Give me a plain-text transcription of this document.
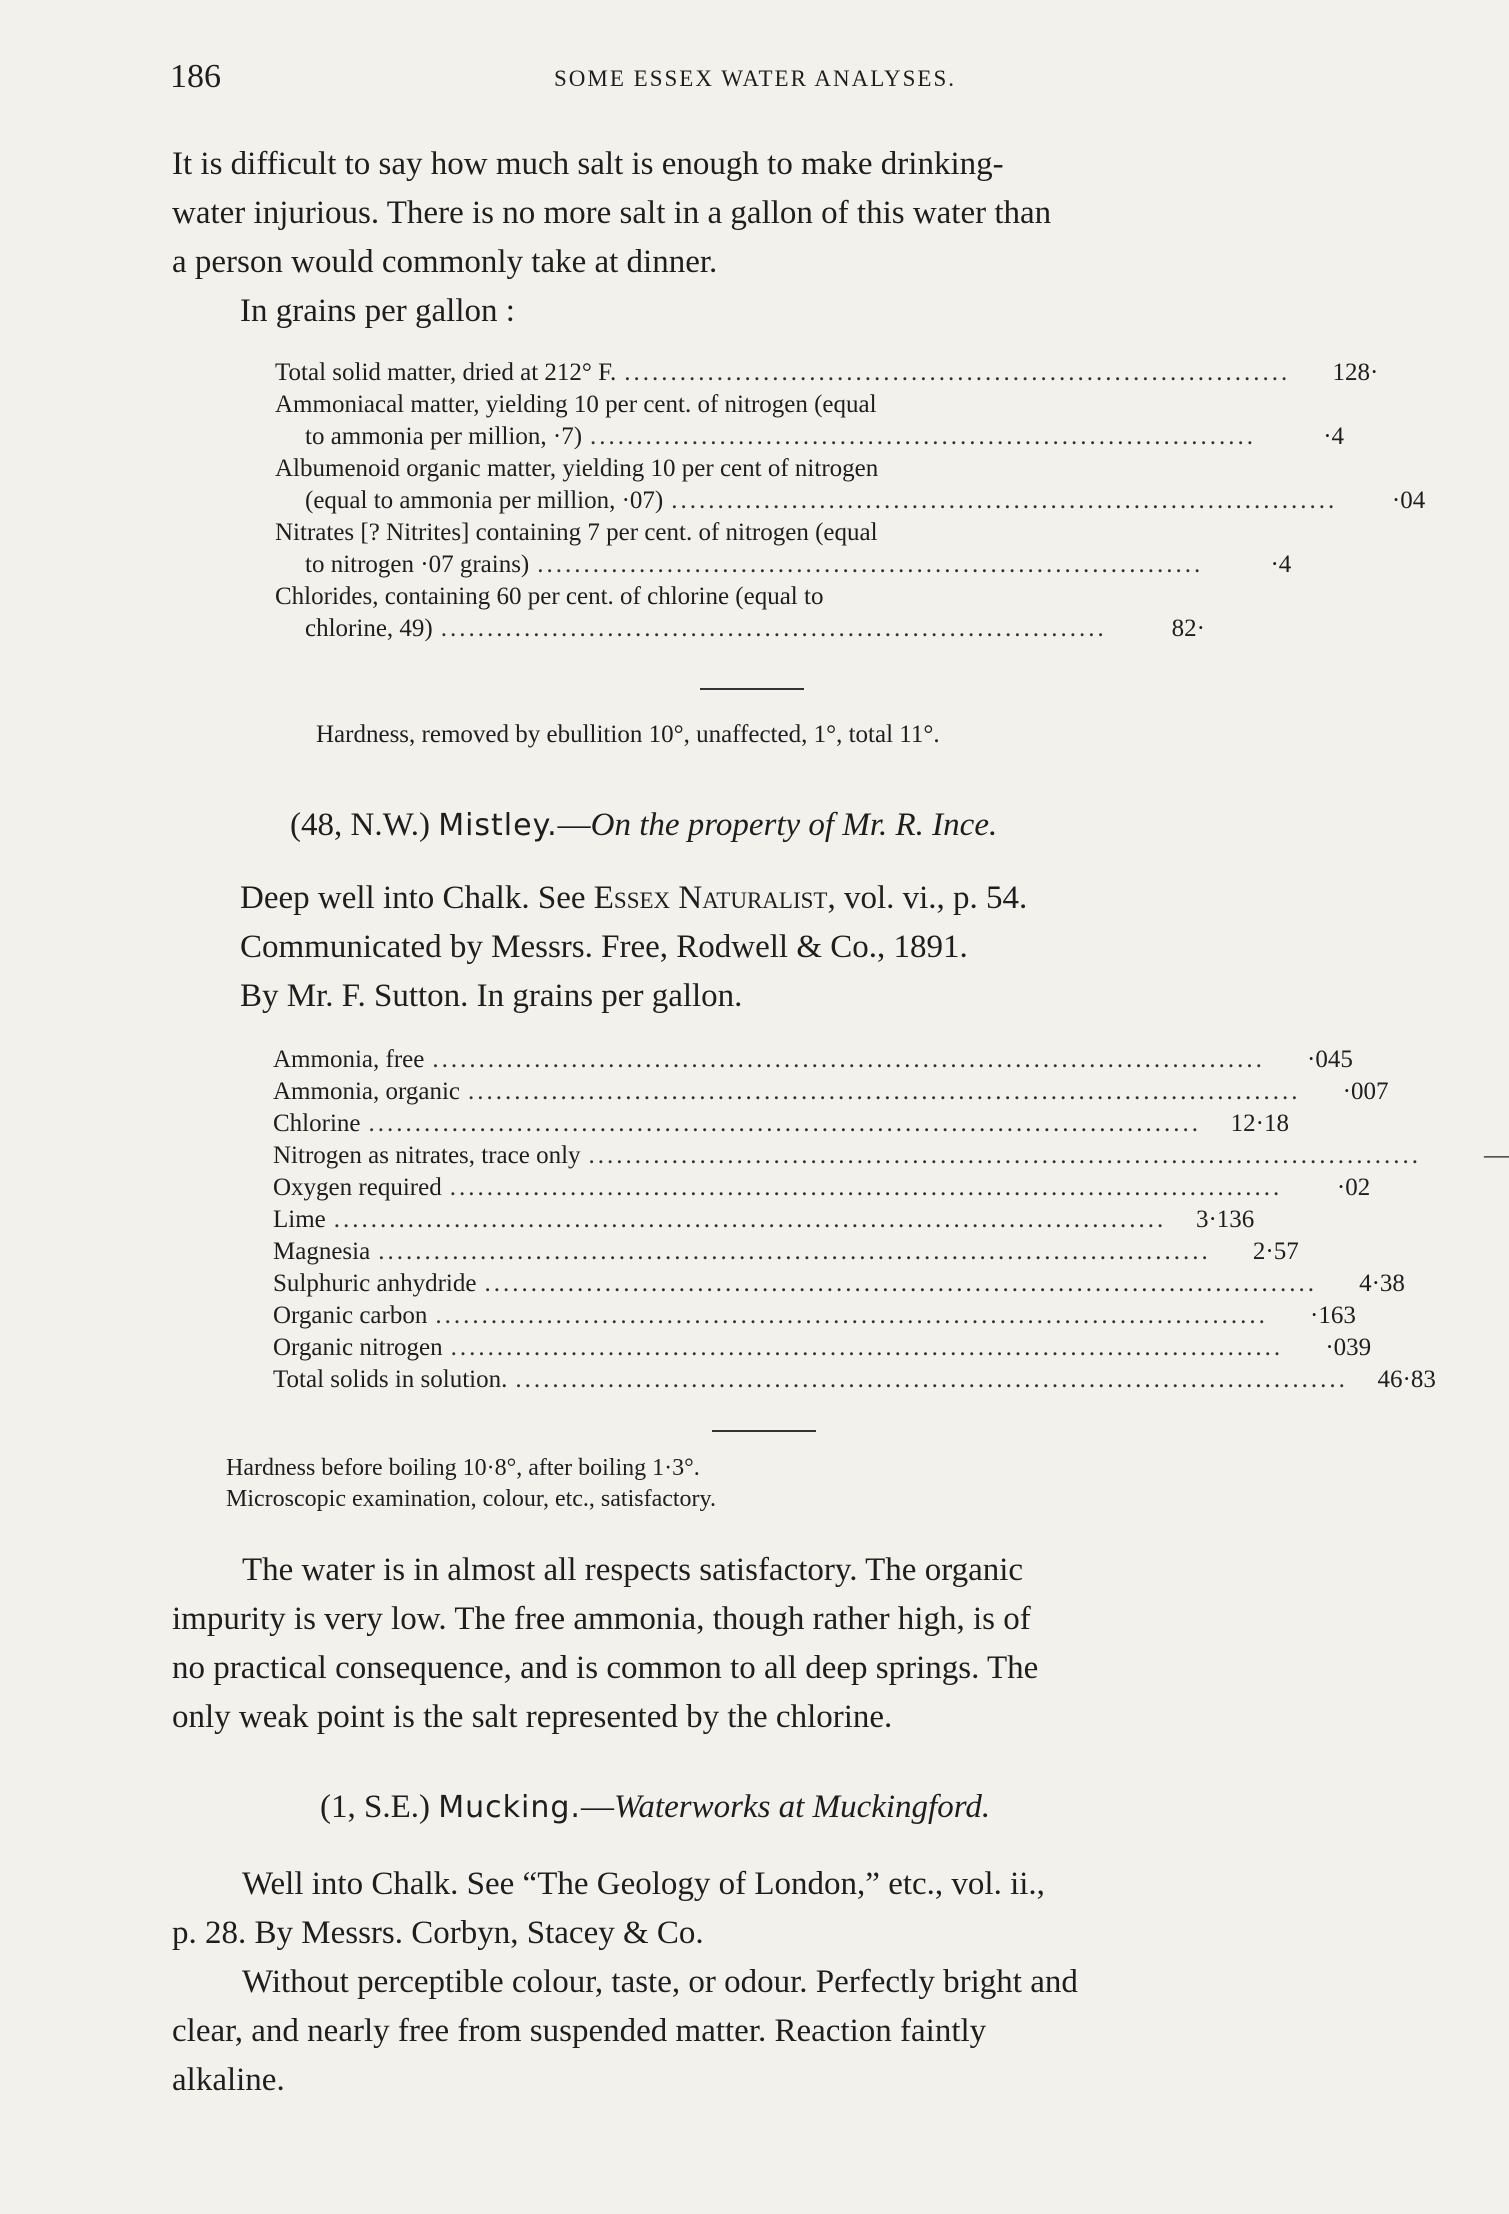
186	SOME ESSEX WATER ANALYSES.
It is difficult to say how much salt is enough to make drinking-
water injurious. There is no more salt in a gallon of this water than
a person would commonly take at dinner.
In grains per gallon :
Total solid matter, dried at 212° F. ........................................................................	128·
Ammoniacal matter, yielding 10 per cent. of nitrogen (equal
to ammonia per million, ·7) ........................................................................	·4
Albumenoid organic matter, yielding 10 per cent of nitrogen
(equal to ammonia per million, ·07) ........................................................................	·04
Nitrates [? Nitrites] containing 7 per cent. of nitrogen (equal
to nitrogen ·07 grains) ........................................................................	·4
Chlorides, containing 60 per cent. of chlorine (equal to
chlorine, 49) ........................................................................	82·
Hardness, removed by ebullition 10°, unaffected, 1°, total 11°.
(48, N.W.) Mistley.—On the property of Mr. R. Ince.
Deep well into Chalk. See Essex Naturalist, vol. vi., p. 54.
Communicated by Messrs. Free, Rodwell & Co., 1891.
By Mr. F. Sutton. In grains per gallon.
Ammonia, free ..........................................................................................	·045
Ammonia, organic ..........................................................................................	·007
Chlorine ..........................................................................................	12·18
Nitrogen as nitrates, trace only ..........................................................................................	—
Oxygen required ..........................................................................................	·02
Lime ..........................................................................................	3·136
Magnesia ..........................................................................................	2·57
Sulphuric anhydride ..........................................................................................	4·38
Organic carbon ..........................................................................................	·163
Organic nitrogen ..........................................................................................	·039
Total solids in solution. ..........................................................................................	46·83
Hardness before boiling 10·8°, after boiling 1·3°.
Microscopic examination, colour, etc., satisfactory.
The water is in almost all respects satisfactory. The organic
impurity is very low. The free ammonia, though rather high, is of
no practical consequence, and is common to all deep springs. The
only weak point is the salt represented by the chlorine.
(1, S.E.) Mucking.—Waterworks at Muckingford.
Well into Chalk. See “The Geology of London,” etc., vol. ii.,
p. 28. By Messrs. Corbyn, Stacey & Co.
Without perceptible colour, taste, or odour. Perfectly bright and
clear, and nearly free from suspended matter. Reaction faintly
alkaline.
